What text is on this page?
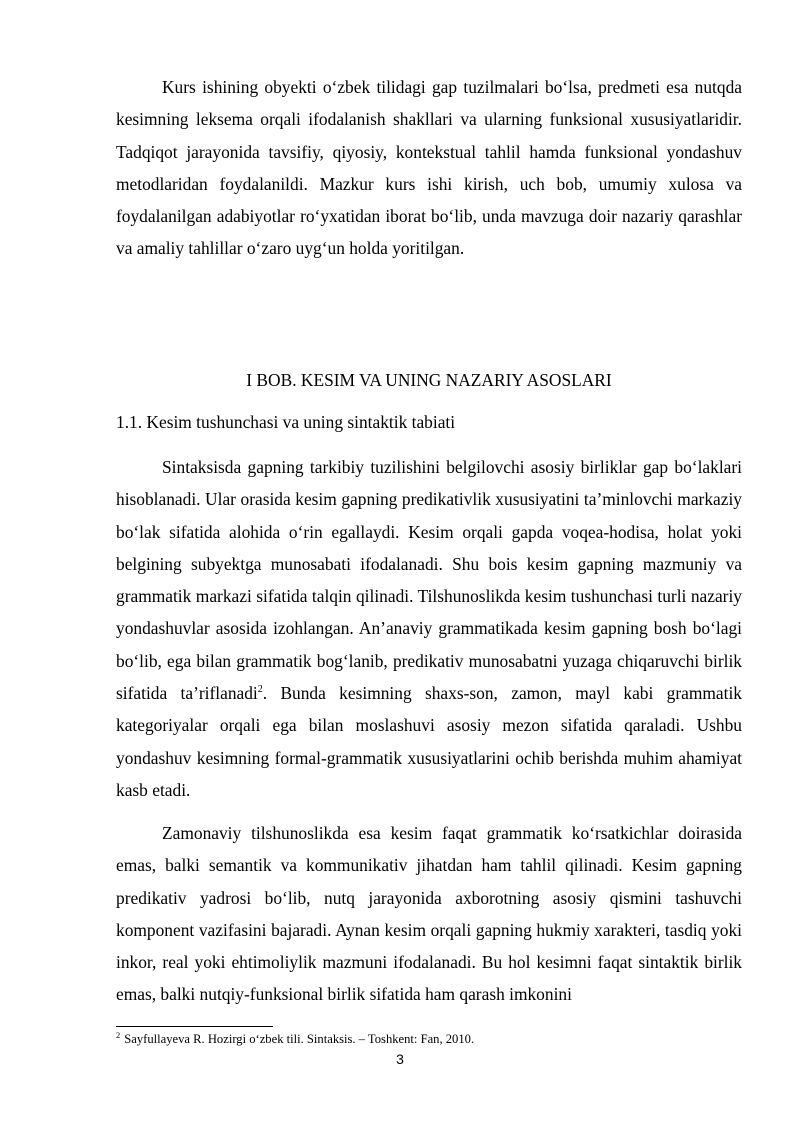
Kurs ishining obyekti oʻzbek tilidagi gap tuzilmalari boʻlsa, predmeti esa nutqda kesimning leksema orqali ifodalanish shakllari va ularning funksional xususiyatlaridir. Tadqiqot jarayonida tavsifiy, qiyosiy, kontekstual tahlil hamda funksional yondashuv metodlaridan foydalanildi. Mazkur kurs ishi kirish, uch bob, umumiy xulosa va foydalanilgan adabiyotlar roʻyxatidan iborat boʻlib, unda mavzuga doir nazariy qarashlar va amaliy tahlillar oʻzaro uygʻun holda yoritilgan.

I BOB. KESIM VA UNING NAZARIY ASOSLARI
1.1. Kesim tushunchasi va uning sintaktik tabiati

Sintaksisda gapning tarkibiy tuzilishini belgilovchi asosiy birliklar gap boʻlaklari hisoblanadi. Ular orasida kesim gapning predikativlik xususiyatini taʼminlovchi markaziy boʻlak sifatida alohida oʻrin egallaydi. Kesim orqali gapda voqea-hodisa, holat yoki belgining subyektga munosabati ifodalanadi. Shu bois kesim gapning mazmuniy va grammatik markazi sifatida talqin qilinadi. Tilshunoslikda kesim tushunchasi turli nazariy yondashuvlar asosida izohlangan. Anʼanaviy grammatikada kesim gapning bosh boʻlagi boʻlib, ega bilan grammatik bogʻlanib, predikativ munosabatni yuzaga chiqaruvchi birlik sifatida taʼriflanadi$^2$. Bunda kesimning shaxs-son, zamon, mayl kabi grammatik kategoriyalar orqali ega bilan moslashuvi asosiy mezon sifatida qaraladi. Ushbu yondashuv kesimning formal-grammatik xususiyatlarini ochib berishda muhim ahamiyat kasb etadi.

Zamonaviy tilshunoslikda esa kesim faqat grammatik koʻrsatkichlar doirasida emas, balki semantik va kommunikativ jihatdan ham tahlil qilinadi. Kesim gapning predikativ yadrosi boʻlib, nutq jarayonida axborotning asosiy qismini tashuvchi komponent vazifasini bajaradi. Aynan kesim orqali gapning hukmiy xarakteri, tasdiq yoki inkor, real yoki ehtimoliylik mazmuni ifodalanadi. Bu hol kesimni faqat sintaktik birlik emas, balki nutqiy-funksional birlik sifatida ham qarash imkonini

$^2$ Sayfullayeva R. Hozirgi oʻzbek tili. Sintaksis. – Toshkent: Fan, 2010.

3
